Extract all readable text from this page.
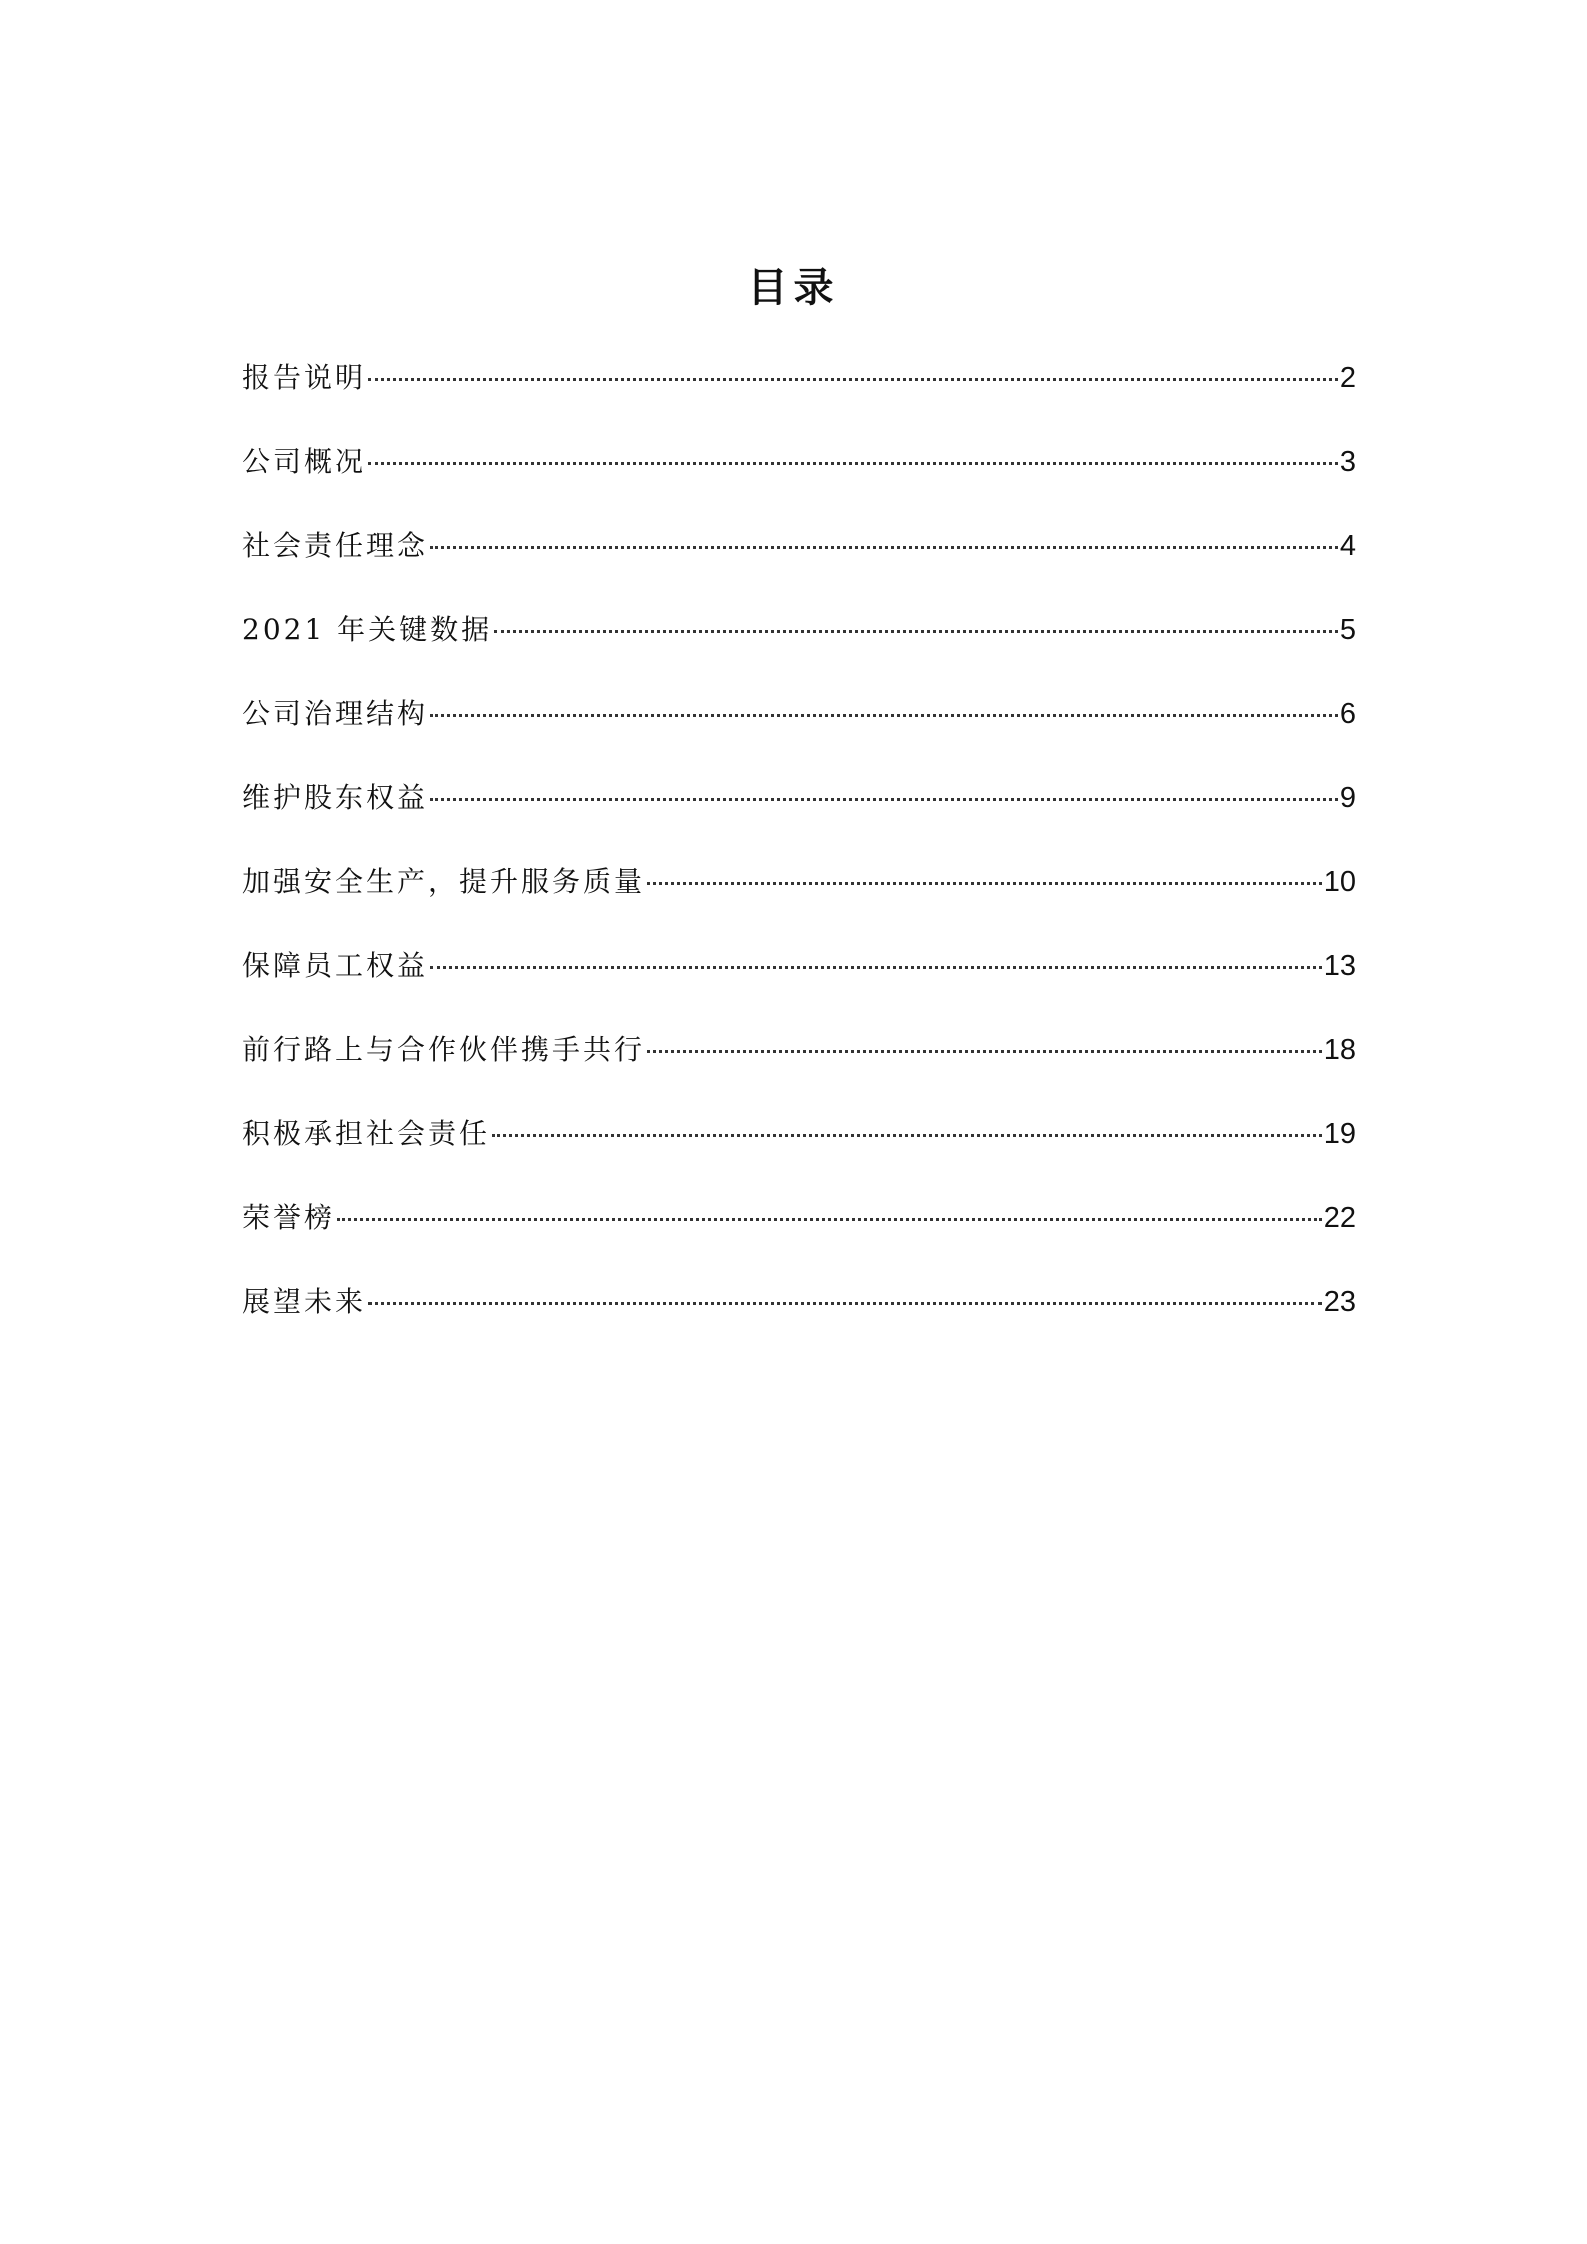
目录
报告说明	2
公司概况	3
社会责任理念	4
2021 年关键数据	5
公司治理结构	6
维护股东权益	9
加强安全生产，提升服务质量	10
保障员工权益	13
前行路上与合作伙伴携手共行	18
积极承担社会责任	19
荣誉榜	22
展望未来	23
